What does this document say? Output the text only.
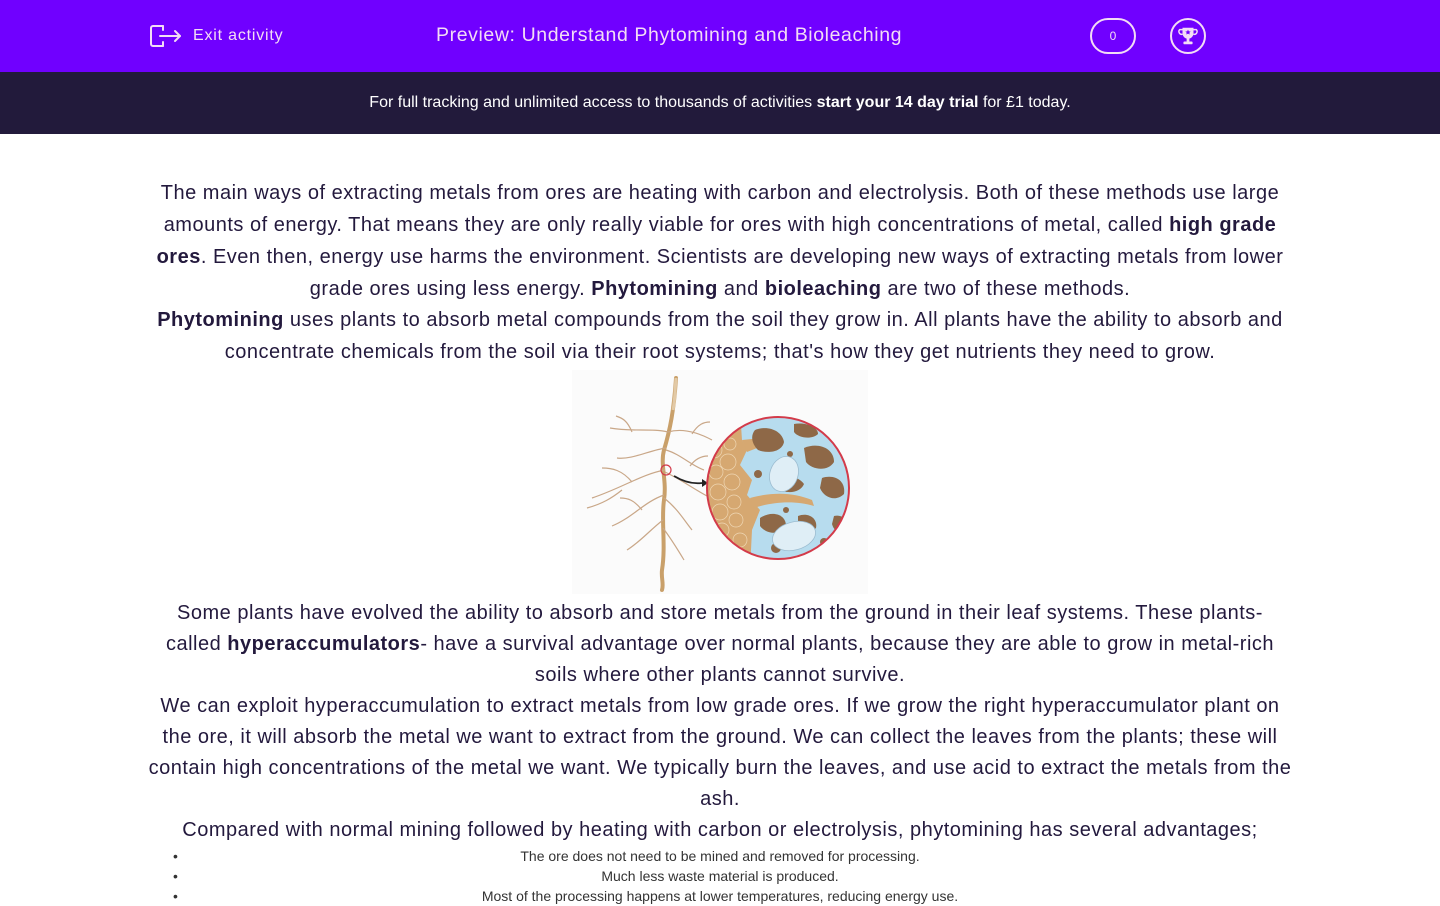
Exit activity	Preview: Understand Phytomining and Bioleaching	0
For full tracking and unlimited access to thousands of activities
start your 14 day trial
for £1 today.

The main ways of extracting metals from ores are heating with carbon and electrolysis. Both of these methods use large amounts of energy. That means they are only really viable for ores with high concentrations of metal, called high grade ores. Even then, energy use harms the environment. Scientists are developing new ways of extracting metals from lower grade ores using less energy. Phytomining and bioleaching are two of these methods.

Phytomining uses plants to absorb metal compounds from the soil they grow in. All plants have the ability to absorb and concentrate chemicals from the soil via their root systems; that's how they get nutrients they need to grow.

Some plants have evolved the ability to absorb and store metals from the ground in their leaf systems. These plants- called hyperaccumulators- have a survival advantage over normal plants, because they are able to grow in metal-rich soils where other plants cannot survive.

We can exploit hyperaccumulation to extract metals from low grade ores. If we grow the right hyperaccumulator plant on the ore, it will absorb the metal we want to extract from the ground. We can collect the leaves from the plants; these will contain high concentrations of the metal we want. We typically burn the leaves, and use acid to extract the metals from the ash.

Compared with normal mining followed by heating with carbon or electrolysis, phytomining has several advantages;

• The ore does not need to be mined and removed for processing.
• Much less waste material is produced.
• Most of the processing happens at lower temperatures, reducing energy use.
